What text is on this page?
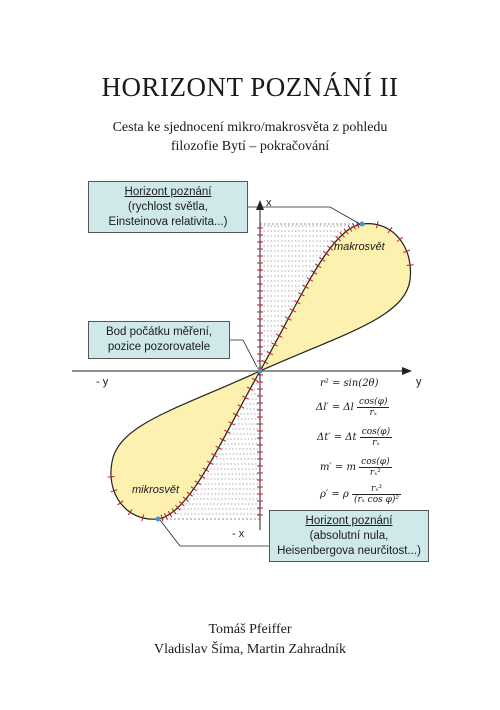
HORIZONT POZNÁNÍ II
Cesta ke sjednocení mikro/makrosvěta z pohledu
filozofie Bytí – pokračování
x
- x
y
- y
makrosvět
mikrosvět
r² = sin(2θ)
Δl′ = Δl $\frac{\cos(\varphi)}{\text{rₓ}}$
Δt′ = Δt $\frac{\cos(\varphi)}{\text{rₓ}}$
m′ = m $\frac{\cos(\varphi)}{\text{rₓ²}}$
ρ′ = ρ $\frac{\text{rₓ³}}{\text{(rₛ cos φ)²}}$
Horizont poznání
(rychlost světla,
Einsteinova relativita...)
Bod počátku měření,
pozice pozorovatele
Horizont poznání
(absolutní nula,
Heisenbergova neurčitost...)
Tomáš Pfeiffer
Vladislav Šíma, Martin Zahradník
